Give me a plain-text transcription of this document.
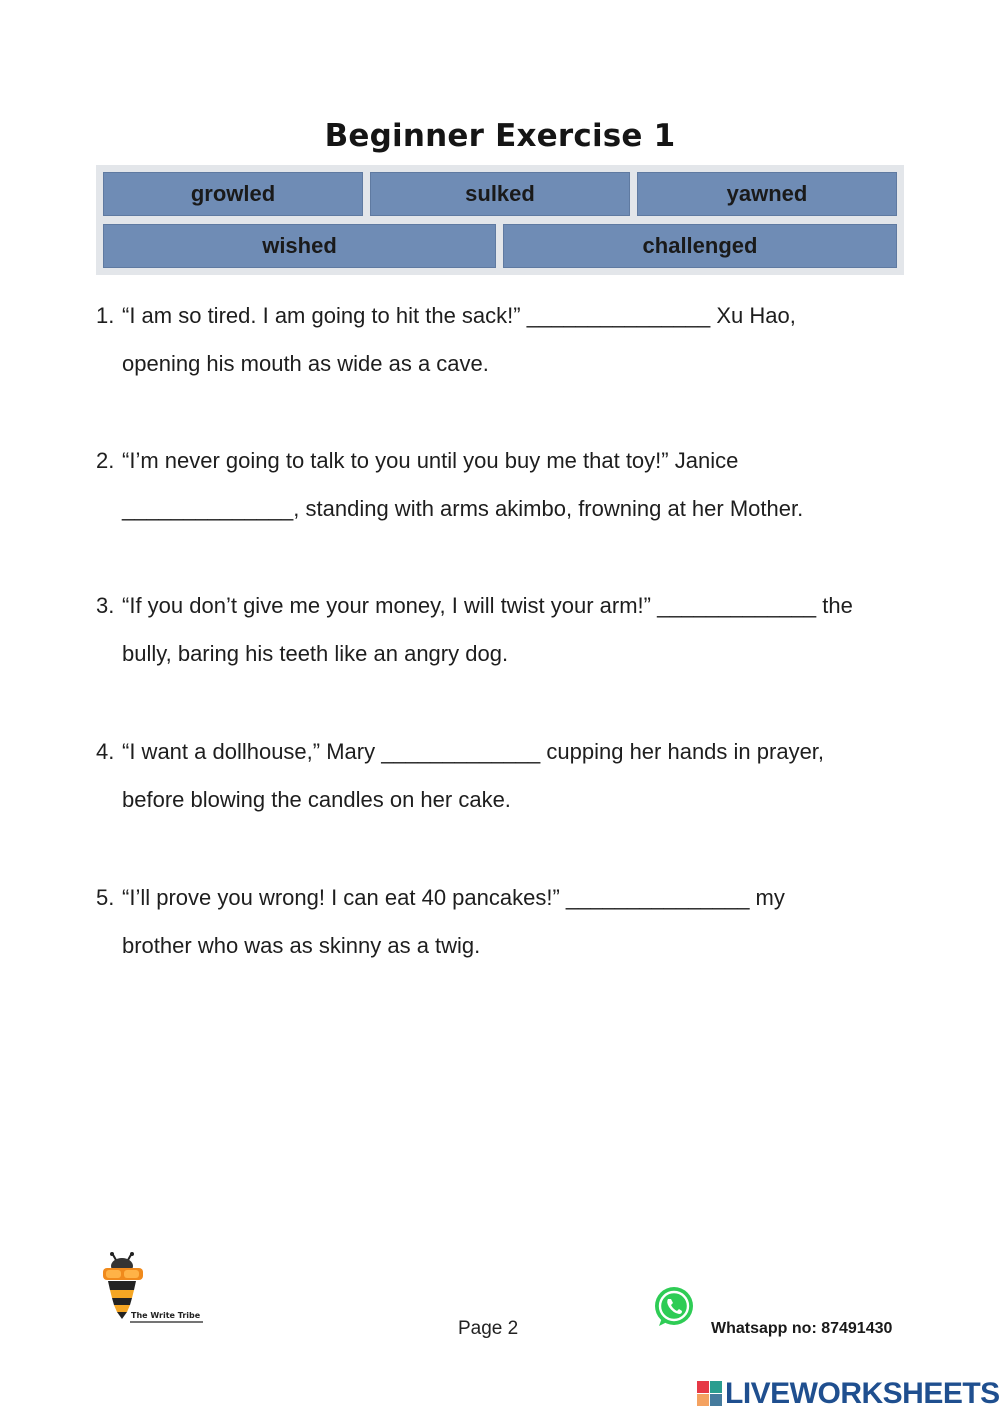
Beginner Exercise 1
growled	sulked	yawned
wished	challenged
1. “I am so tired. I am going to hit the sack!” _______________ Xu Hao,
opening his mouth as wide as a cave.
2. “I’m never going to talk to you until you buy me that toy!” Janice
______________, standing with arms akimbo, frowning at her Mother.
3. “If you don’t give me your money, I will twist your arm!” _____________ the
bully, baring his teeth like an angry dog.
4. “I want a dollhouse,” Mary _____________ cupping her hands in prayer,
before blowing the candles on her cake.
5. “I’ll prove you wrong! I can eat 40 pancakes!” _______________ my
brother who was as skinny as a twig.
The Write Tribe
Page 2	Whatsapp no: 87491430
LIVEWORKSHEETS
